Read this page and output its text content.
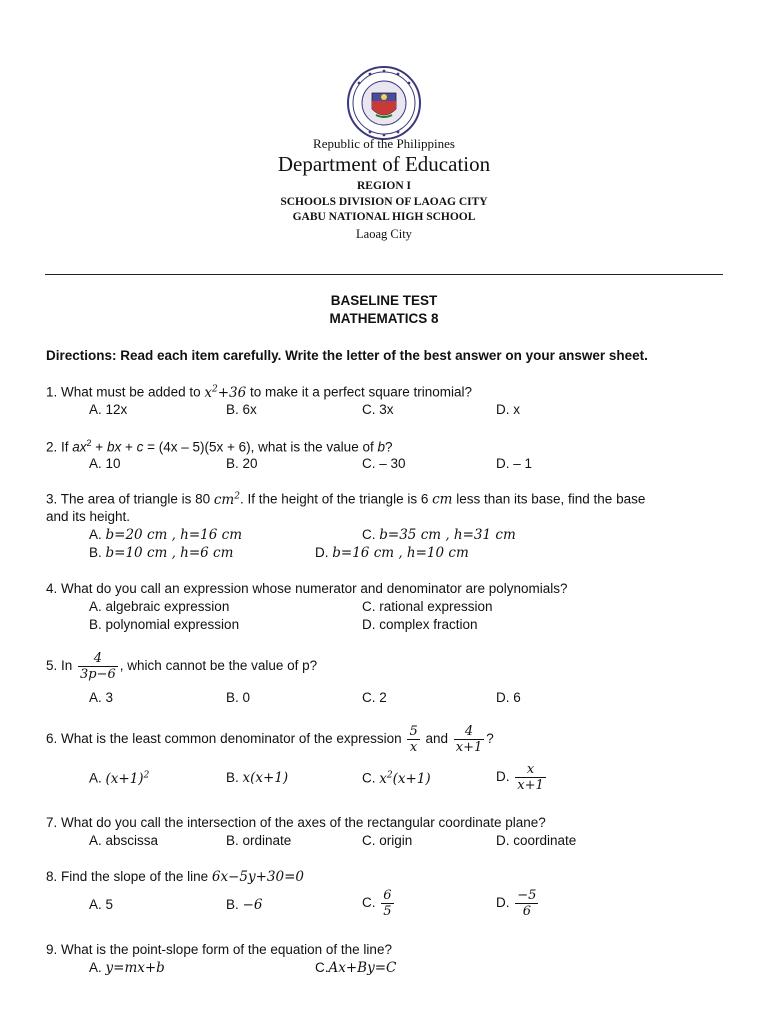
Republic of the Philippines
Department of Education
REGION I
SCHOOLS DIVISION OF LAOAG CITY
GABU NATIONAL HIGH SCHOOL
Laoag City
BASELINE TEST
MATHEMATICS 8
Directions: Read each item carefully. Write the letter of the best answer on your answer sheet.
1. What must be added to $x^2+36$ to make it a perfect square trinomial?
A. 12x	B. 6x	C. 3x	D. x
2. If $ax^2$ + bx + c = (4x – 5)(5x + 6), what is the value of b?
A. 10	B. 20	C. – 30	D. – 1
3. The area of triangle is 80 $cm^2$. If the height of the triangle is 6 cm less than its base, find the base
and its height.
A. b=20 cm , h=16 cm	C. b=35 cm , h=31 cm
B. b=10 cm , h=6 cm	D. b=16 cm , h=10 cm
4. What do you call an expression whose numerator and denominator are polynomials?
A. algebraic expression	C. rational expression
B. polynomial expression	D. complex fraction
5. In $\frac{4}{3p-6}$ , which cannot be the value of p?
A. 3	B. 0	C. 2	D. 6
6. What is the least common denominator of the expression $\frac{5}{x}$ and $\frac{4}{x+1}$ ?
A. $(x+1)^2$	B. x(x+1)	C. $x^2(x+1)$	D. $\frac{x}{x+1}$
7. What do you call the intersection of the axes of the rectangular coordinate plane?
A. abscissa	B. ordinate	C. origin	D. coordinate
8. Find the slope of the line 6x−5y+30=0
A. 5	B. −6	C. $\frac{6}{5}$	D. $\frac{-5}{6}$
9. What is the point-slope form of the equation of the line?
A. y=mx+b	C.Ax+By=C
